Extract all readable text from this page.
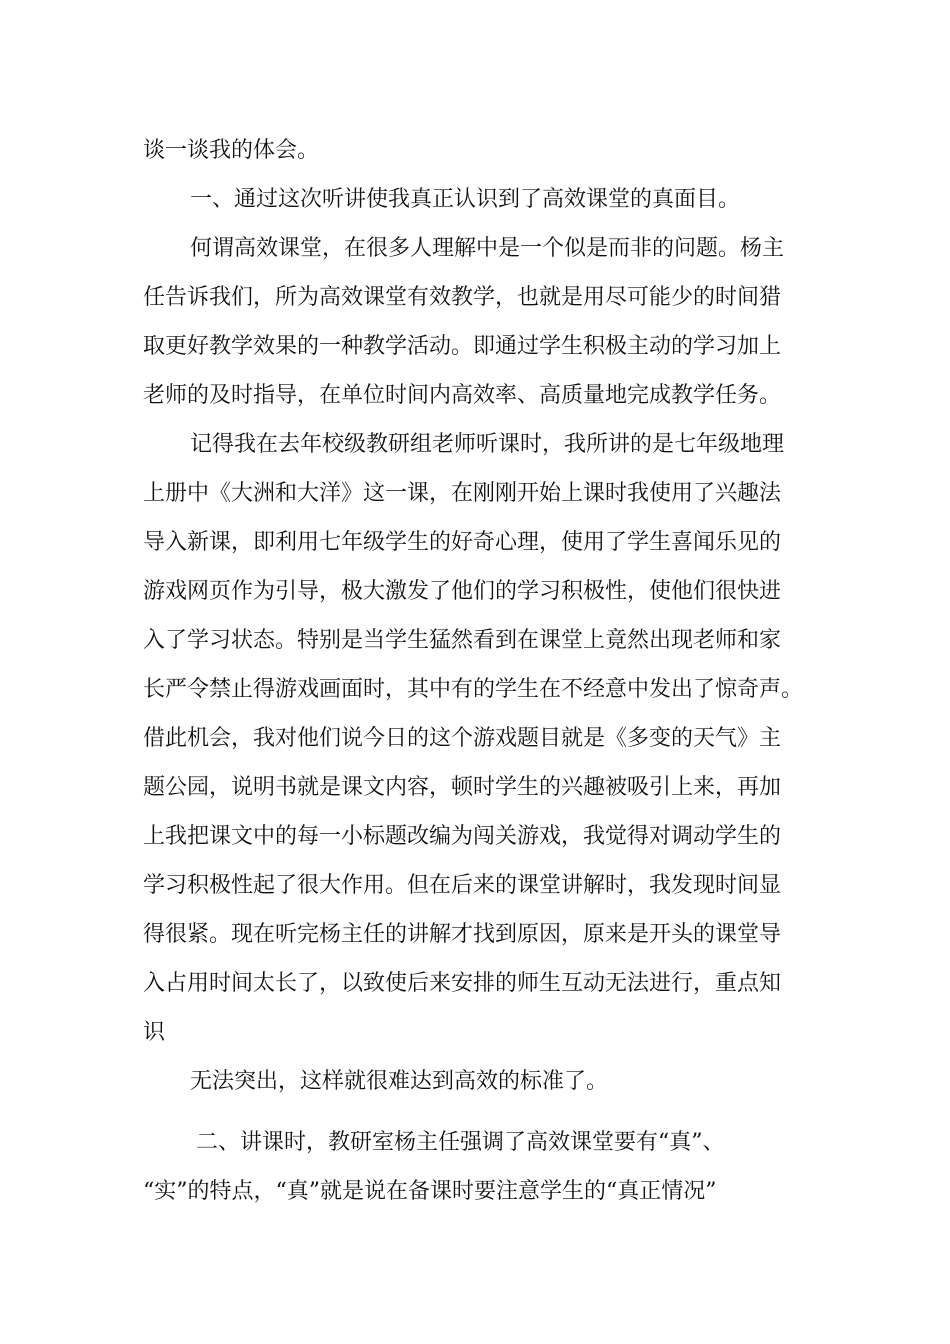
谈一谈我的体会。
一、通过这次听讲使我真正认识到了高效课堂的真面目。
何谓高效课堂，在很多人理解中是一个似是而非的问题。杨主
任告诉我们，所为高效课堂有效教学，也就是用尽可能少的时间猎
取更好教学效果的一种教学活动。即通过学生积极主动的学习加上
老师的及时指导，在单位时间内高效率、高质量地完成教学任务。
记得我在去年校级教研组老师听课时，我所讲的是七年级地理
上册中《大洲和大洋》这一课，在刚刚开始上课时我使用了兴趣法
导入新课，即利用七年级学生的好奇心理，使用了学生喜闻乐见的
游戏网页作为引导，极大激发了他们的学习积极性，使他们很快进
入了学习状态。特别是当学生猛然看到在课堂上竟然出现老师和家
长严令禁止得游戏画面时，其中有的学生在不经意中发出了惊奇声。
借此机会，我对他们说今日的这个游戏题目就是《多变的天气》主
题公园，说明书就是课文内容，顿时学生的兴趣被吸引上来，再加
上我把课文中的每一小标题改编为闯关游戏，我觉得对调动学生的
学习积极性起了很大作用。但在后来的课堂讲解时，我发现时间显
得很紧。现在听完杨主任的讲解才找到原因，原来是开头的课堂导
入占用时间太长了，以致使后来安排的师生互动无法进行，重点知
识
无法突出，这样就很难达到高效的标准了。
二、讲课时，教研室杨主任强调了高效课堂要有“真”、
“实”的特点，“真”就是说在备课时要注意学生的“真正情况”
